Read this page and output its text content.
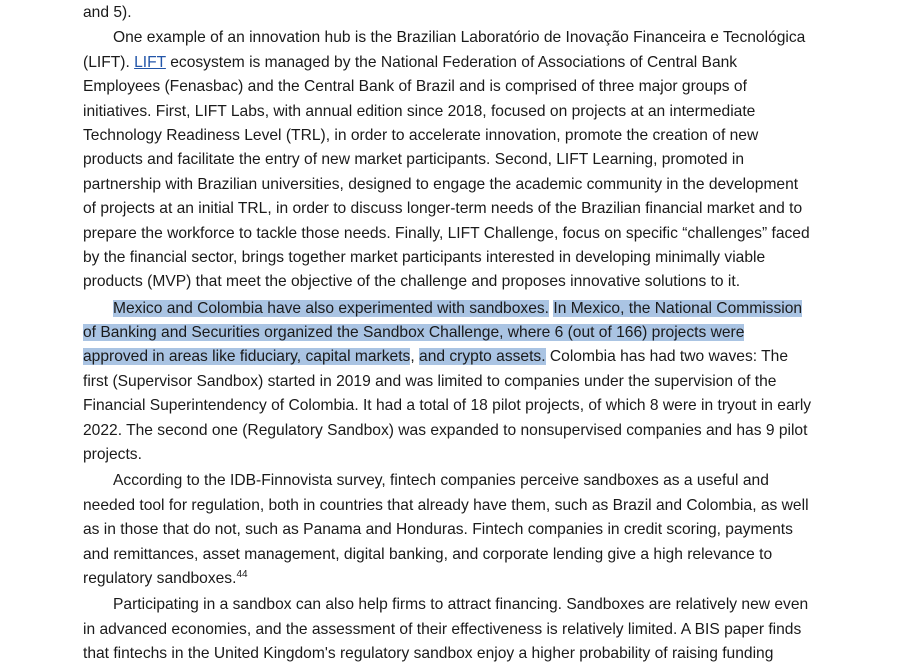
and 5).
One example of an innovation hub is the Brazilian Laboratório de Inovação Financeira e Tecnológica
(LIFT). LIFT ecosystem is managed by the National Federation of Associations of Central Bank
Employees (Fenasbac) and the Central Bank of Brazil and is comprised of three major groups of
initiatives. First, LIFT Labs, with annual edition since 2018, focused on projects at an intermediate
Technology Readiness Level (TRL), in order to accelerate innovation, promote the creation of new
products and facilitate the entry of new market participants. Second, LIFT Learning, promoted in
partnership with Brazilian universities, designed to engage the academic community in the development
of projects at an initial TRL, in order to discuss longer-term needs of the Brazilian financial market and to
prepare the workforce to tackle those needs. Finally, LIFT Challenge, focus on specific “challenges” faced
by the financial sector, brings together market participants interested in developing minimally viable
products (MVP) that meet the objective of the challenge and proposes innovative solutions to it.
Mexico and Colombia have also experimented with sandboxes. In Mexico, the National Commission
of Banking and Securities organized the Sandbox Challenge, where 6 (out of 166) projects were
approved in areas like fiduciary, capital markets, and crypto assets. Colombia has had two waves: The
first (Supervisor Sandbox) started in 2019 and was limited to companies under the supervision of the
Financial Superintendency of Colombia. It had a total of 18 pilot projects, of which 8 were in tryout in early
2022. The second one (Regulatory Sandbox) was expanded to nonsupervised companies and has 9 pilot
projects.
According to the IDB-Finnovista survey, fintech companies perceive sandboxes as a useful and
needed tool for regulation, both in countries that already have them, such as Brazil and Colombia, as well
as in those that do not, such as Panama and Honduras. Fintech companies in credit scoring, payments
and remittances, asset management, digital banking, and corporate lending give a high relevance to
regulatory sandboxes.$^{44}$
Participating in a sandbox can also help firms to attract financing. Sandboxes are relatively new even
in advanced economies, and the assessment of their effectiveness is relatively limited. A BIS paper finds
that fintechs in the United Kingdom's regulatory sandbox enjoy a higher probability of raising funding
